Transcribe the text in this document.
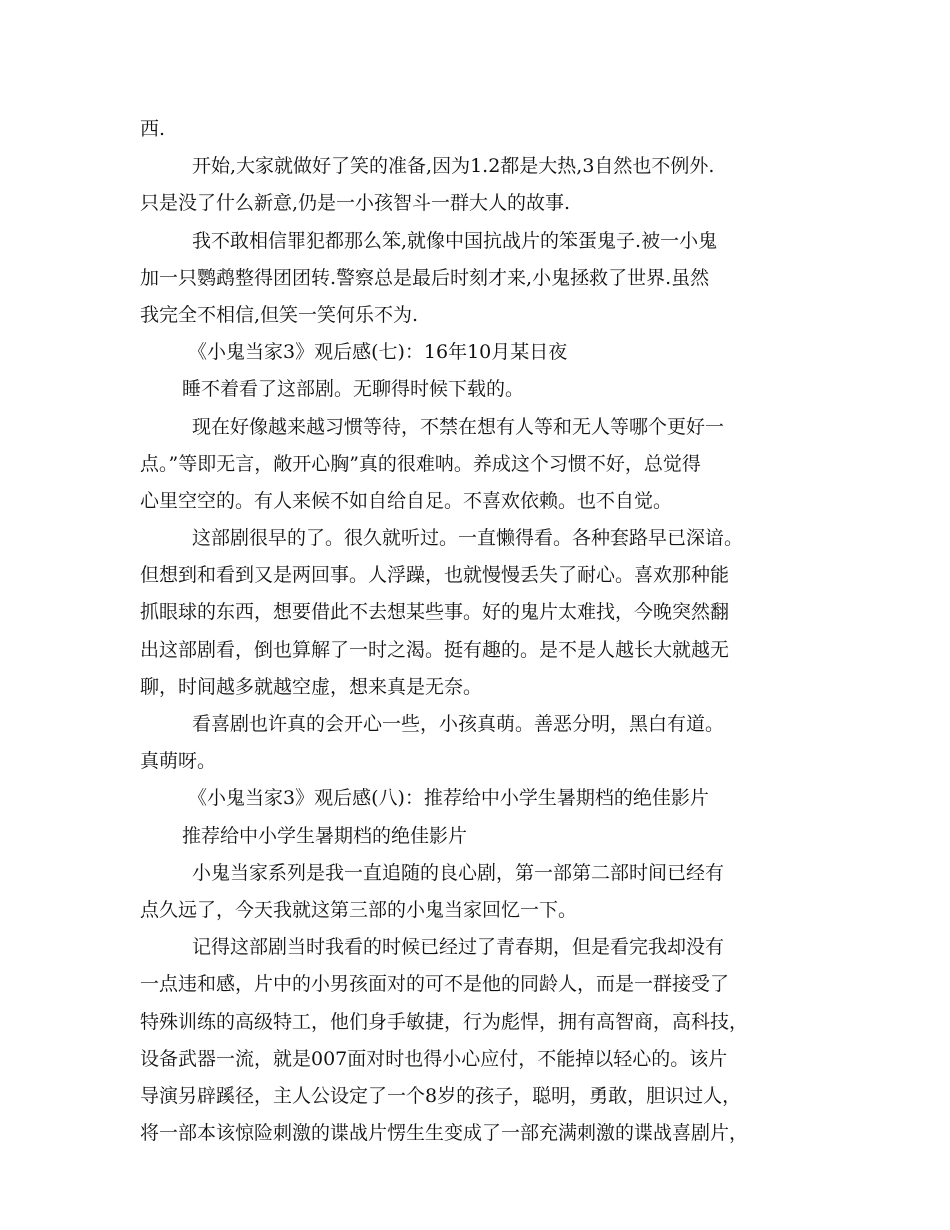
西.
开始,大家就做好了笑的准备,因为1.2都是大热,3自然也不例外.
只是没了什么新意,仍是一小孩智斗一群大人的故事.
我不敢相信罪犯都那么笨,就像中国抗战片的笨蛋鬼子.被一小鬼
加一只鹦鹉整得团团转.警察总是最后时刻才来,小鬼拯救了世界.虽然
我完全不相信,但笑一笑何乐不为.
《小鬼当家3》观后感(七)：16年10月某日夜
睡不着看了这部剧。无聊得时候下载的。
现在好像越来越习惯等待，不禁在想有人等和无人等哪个更好一
点。”等即无言，敞开心胸”真的很难呐。养成这个习惯不好，总觉得
心里空空的。有人来候不如自给自足。不喜欢依赖。也不自觉。
这部剧很早的了。很久就听过。一直懒得看。各种套路早已深谙。
但想到和看到又是两回事。人浮躁，也就慢慢丢失了耐心。喜欢那种能
抓眼球的东西，想要借此不去想某些事。好的鬼片太难找，今晚突然翻
出这部剧看，倒也算解了一时之渴。挺有趣的。是不是人越长大就越无
聊，时间越多就越空虚，想来真是无奈。
看喜剧也许真的会开心一些，小孩真萌。善恶分明，黑白有道。
真萌呀。
《小鬼当家3》观后感(八)：推荐给中小学生暑期档的绝佳影片
推荐给中小学生暑期档的绝佳影片
小鬼当家系列是我一直追随的良心剧，第一部第二部时间已经有
点久远了，今天我就这第三部的小鬼当家回忆一下。
记得这部剧当时我看的时候已经过了青春期，但是看完我却没有
一点违和感，片中的小男孩面对的可不是他的同龄人，而是一群接受了
特殊训练的高级特工，他们身手敏捷，行为彪悍，拥有高智商，高科技，
设备武器一流，就是007面对时也得小心应付，不能掉以轻心的。该片
导演另辟蹊径，主人公设定了一个8岁的孩子，聪明，勇敢，胆识过人，
将一部本该惊险刺激的谍战片愣生生变成了一部充满刺激的谍战喜剧片，
